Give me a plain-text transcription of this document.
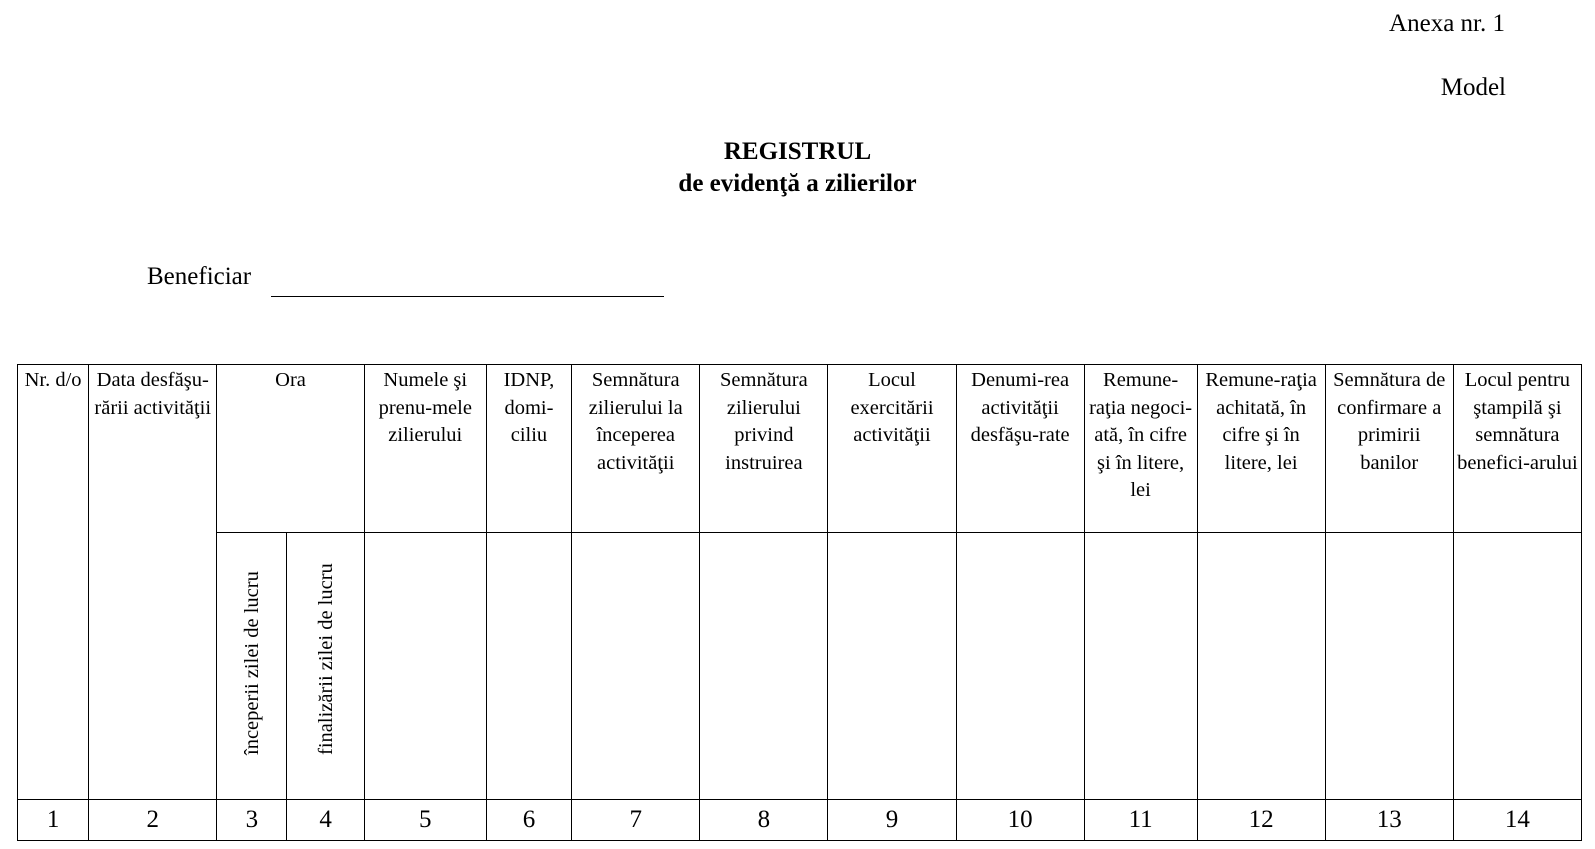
Anexa nr. 1
Model
REGISTRUL
de evidenţă a zilierilor
Beneficiar
Nr. d/o	Data desfăşu-rării activităţii	Ora		Numele şi prenu-mele zilierului	IDNP, domi-ciliu	Semnătura zilierului la începerea activităţii	Semnătura zilierului privind instruirea	Locul exercitării activităţii	Denumi-rea activităţii desfăşu-rate	Remune-raţia negoci-ată, în cifre şi în litere, lei	Remune-raţia achitată, în cifre şi în litere, lei	Semnătura de confirmare a primirii banilor	Locul pentru ştampilă şi semnătura benefici-arului

		începerii zilei de lucru	finalizării zilei de lucru										

1	2	3	4	5	6	7	8	9	10	11	12	13	14
